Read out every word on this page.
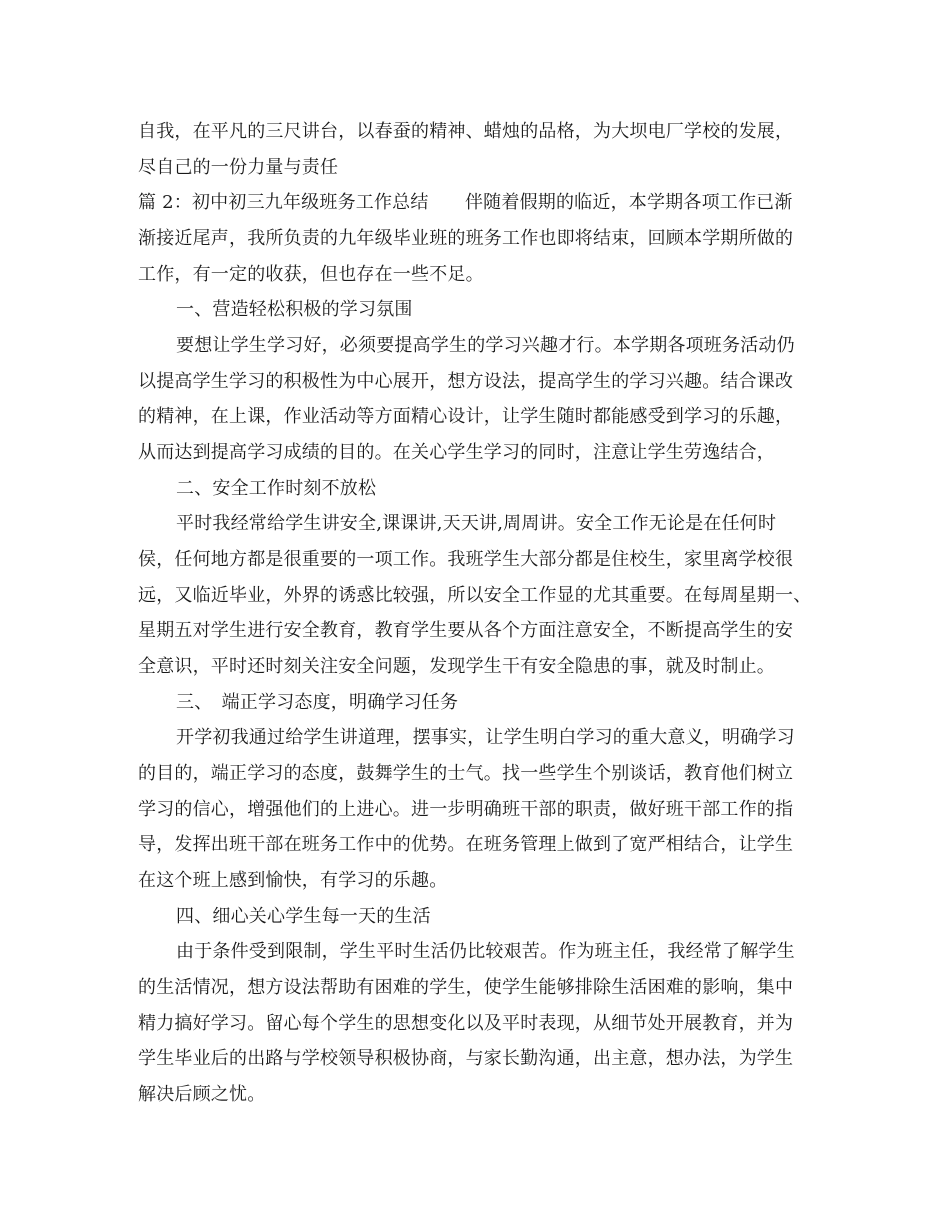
自我，在平凡的三尺讲台，以春蚕的精神、蜡烛的品格，为大坝电厂学校的发展，
尽自己的一份力量与责任
篇 2：初中初三九年级班务工作总结　　伴随着假期的临近，本学期各项工作已渐
渐接近尾声，我所负责的九年级毕业班的班务工作也即将结束，回顾本学期所做的
工作，有一定的收获，但也存在一些不足。
一、营造轻松积极的学习氛围
要想让学生学习好，必须要提高学生的学习兴趣才行。本学期各项班务活动仍
以提高学生学习的积极性为中心展开，想方设法，提高学生的学习兴趣。结合课改
的精神，在上课，作业活动等方面精心设计，让学生随时都能感受到学习的乐趣，
从而达到提高学习成绩的目的。在关心学生学习的同时，注意让学生劳逸结合，
二、安全工作时刻不放松
平时我经常给学生讲安全,课课讲,天天讲,周周讲。安全工作无论是在任何时
侯，任何地方都是很重要的一项工作。我班学生大部分都是住校生，家里离学校很
远，又临近毕业，外界的诱惑比较强，所以安全工作显的尤其重要。在每周星期一、
星期五对学生进行安全教育，教育学生要从各个方面注意安全，不断提高学生的安
全意识，平时还时刻关注安全问题，发现学生干有安全隐患的事，就及时制止。
三、　端正学习态度，明确学习任务
开学初我通过给学生讲道理，摆事实，让学生明白学习的重大意义，明确学习
的目的，端正学习的态度，鼓舞学生的士气。找一些学生个别谈话，教育他们树立
学习的信心，增强他们的上进心。进一步明确班干部的职责，做好班干部工作的指
导，发挥出班干部在班务工作中的优势。在班务管理上做到了宽严相结合，让学生
在这个班上感到愉快，有学习的乐趣。
四、细心关心学生每一天的生活
由于条件受到限制，学生平时生活仍比较艰苦。作为班主任，我经常了解学生
的生活情况，想方设法帮助有困难的学生，使学生能够排除生活困难的影响，集中
精力搞好学习。留心每个学生的思想变化以及平时表现，从细节处开展教育，并为
学生毕业后的出路与学校领导积极协商，与家长勤沟通，出主意，想办法，为学生
解决后顾之忧。
